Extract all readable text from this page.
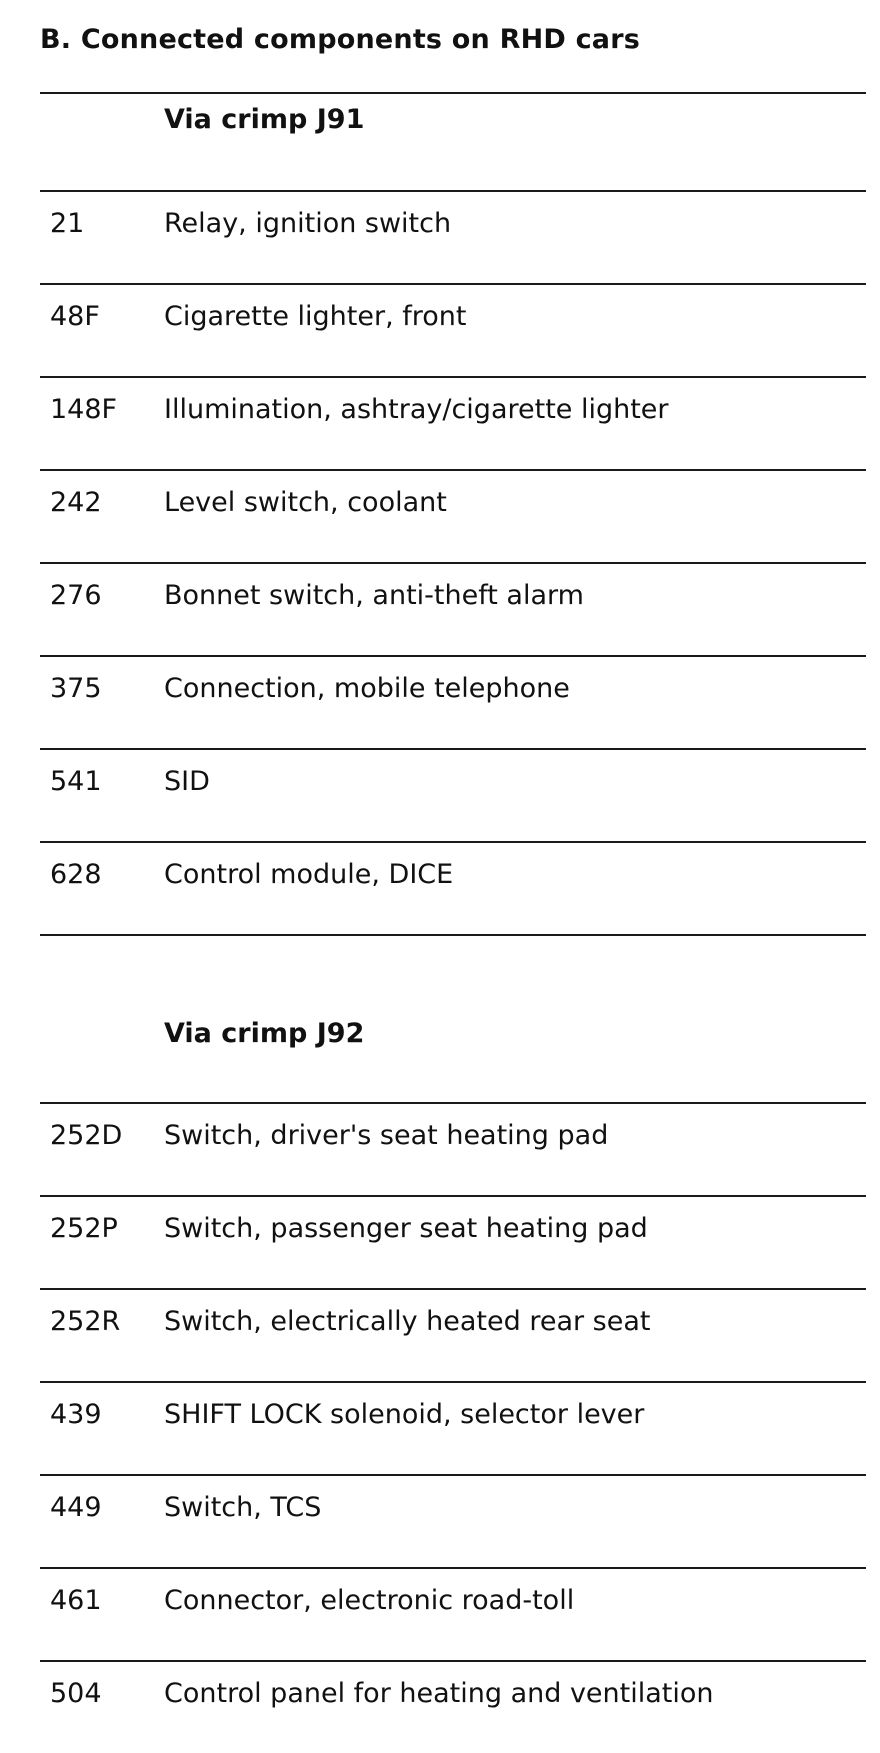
B. Connected components on RHD cars
Via crimp J91
21	Relay, ignition switch
48F Cigarette lighter, front
148F Illumination, ashtray/cigarette lighter
242 Level switch, coolant
276 Bonnet switch, anti-theft alarm
375 Connection, mobile telephone
541 SID
628 Control module, DICE
Via crimp J92
252D Switch, driver's seat heating pad
252P Switch, passenger seat heating pad
252R Switch, electrically heated rear seat
439 SHIFT LOCK solenoid, selector lever
449 Switch, TCS
461 Connector, electronic road-toll
504 Control panel for heating and ventilation
